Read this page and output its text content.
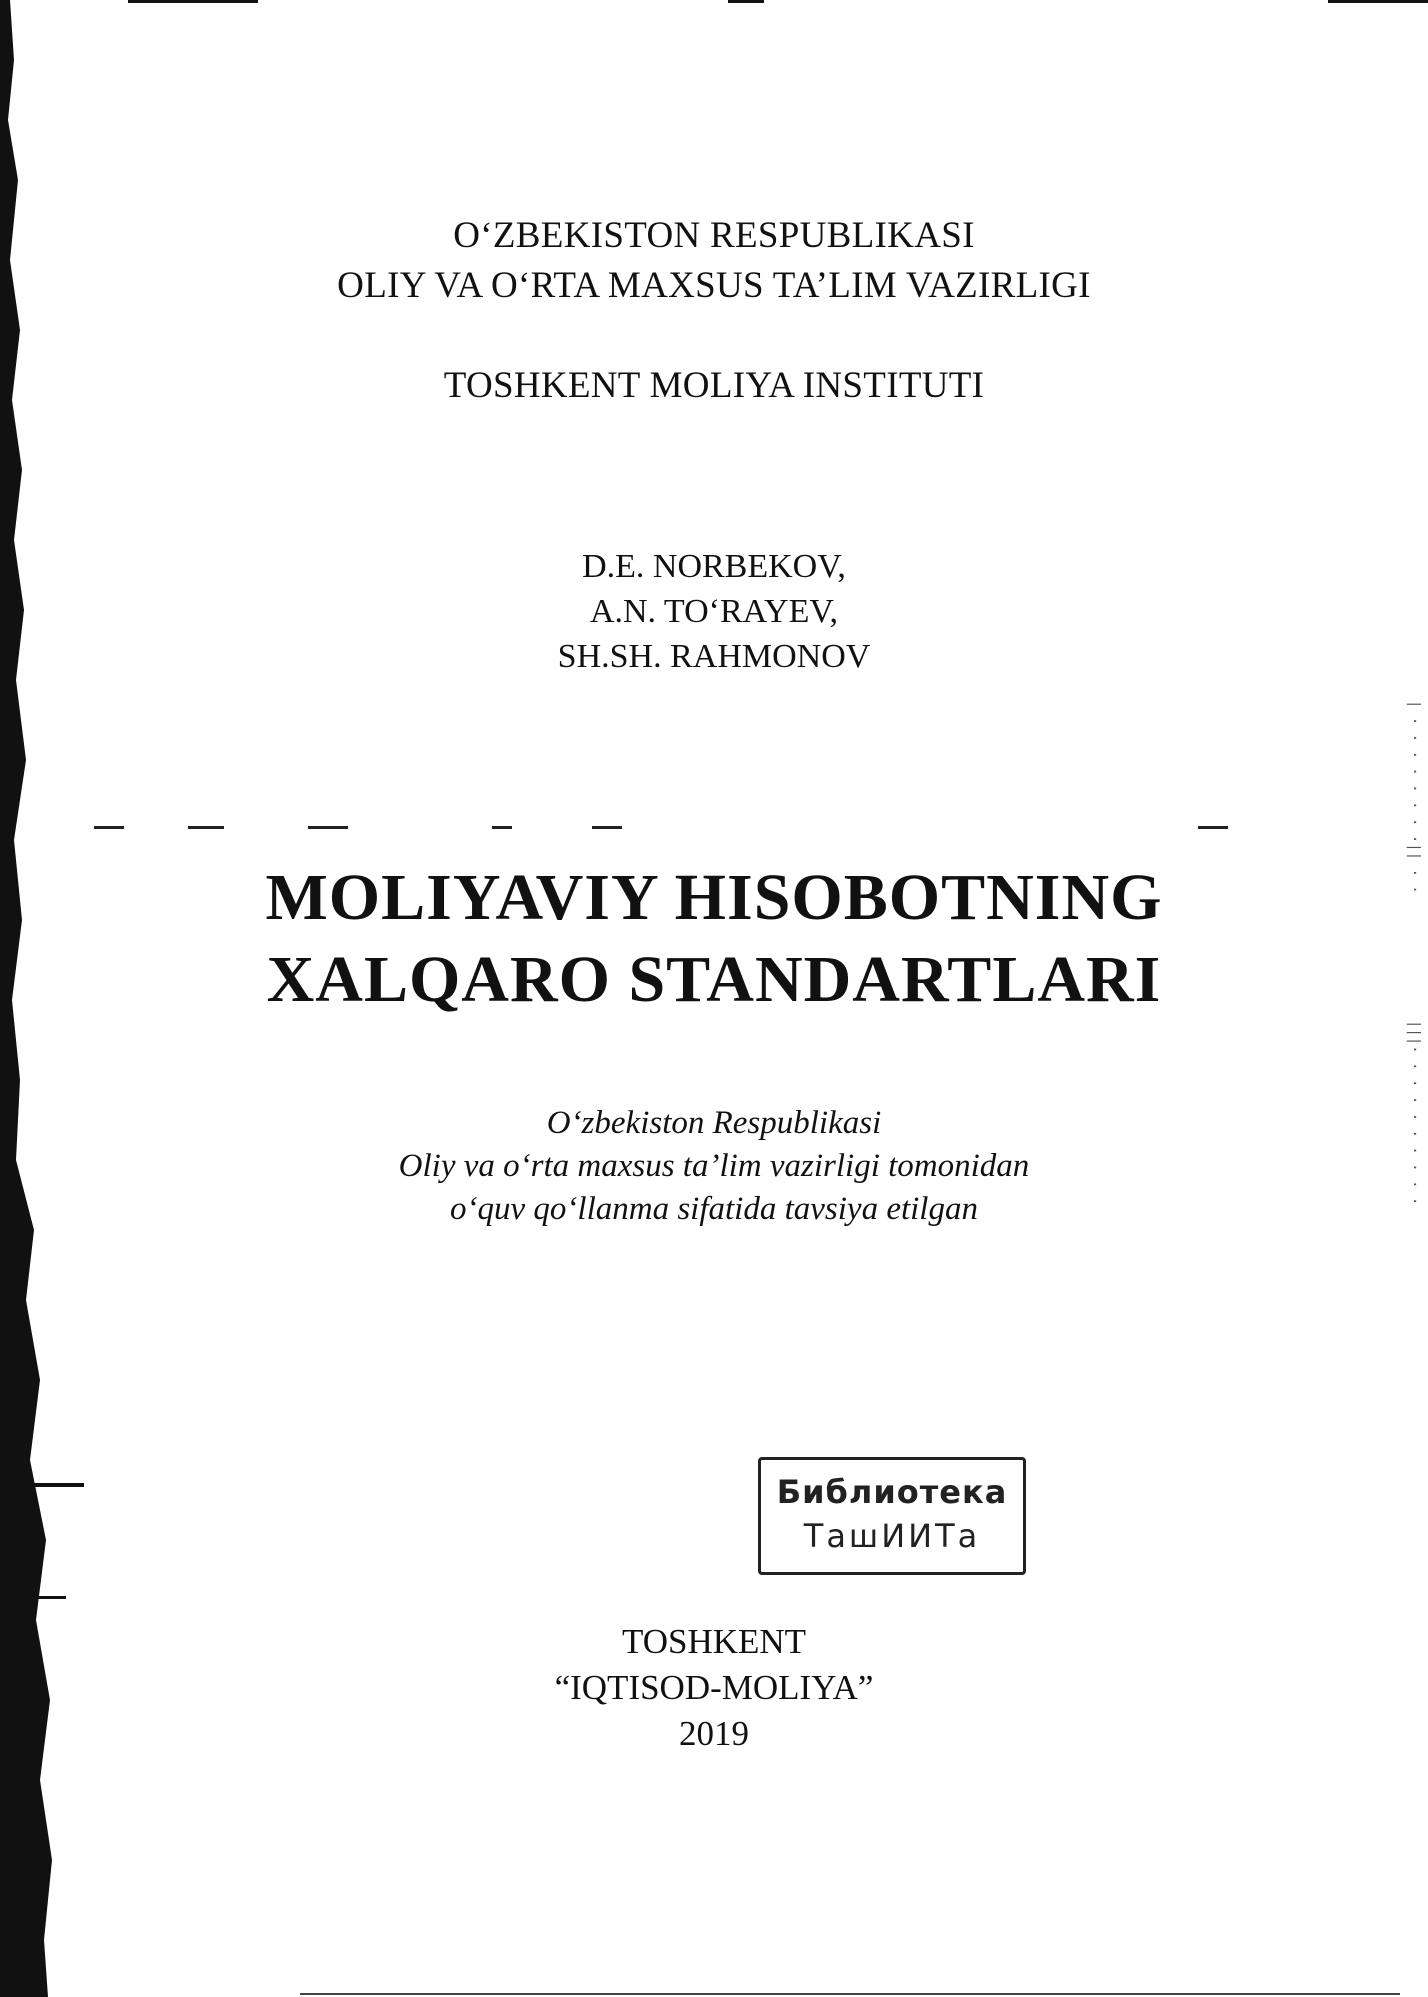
| · · · · · · · ·|| · ·
|||· · · · · · · · · ·
O‘ZBEKISTON RESPUBLIKASI
OLIY VA O‘RTA MAXSUS TA’LIM VAZIRLIGI
TOSHKENT MOLIYA INSTITUTI
D.E. NORBEKOV,
A.N. TO‘RAYEV,
SH.SH. RAHMONOV
MOLIYAVIY HISOBOTNING
XALQARO STANDARTLARI
O‘zbekiston Respublikasi
Oliy va o‘rta maxsus ta’lim vazirligi tomonidan
o‘quv qo‘llanma sifatida tavsiya etilgan
Библиотека
ТашИИТа
TOSHKENT
“IQTISOD-MOLIYA”
2019
